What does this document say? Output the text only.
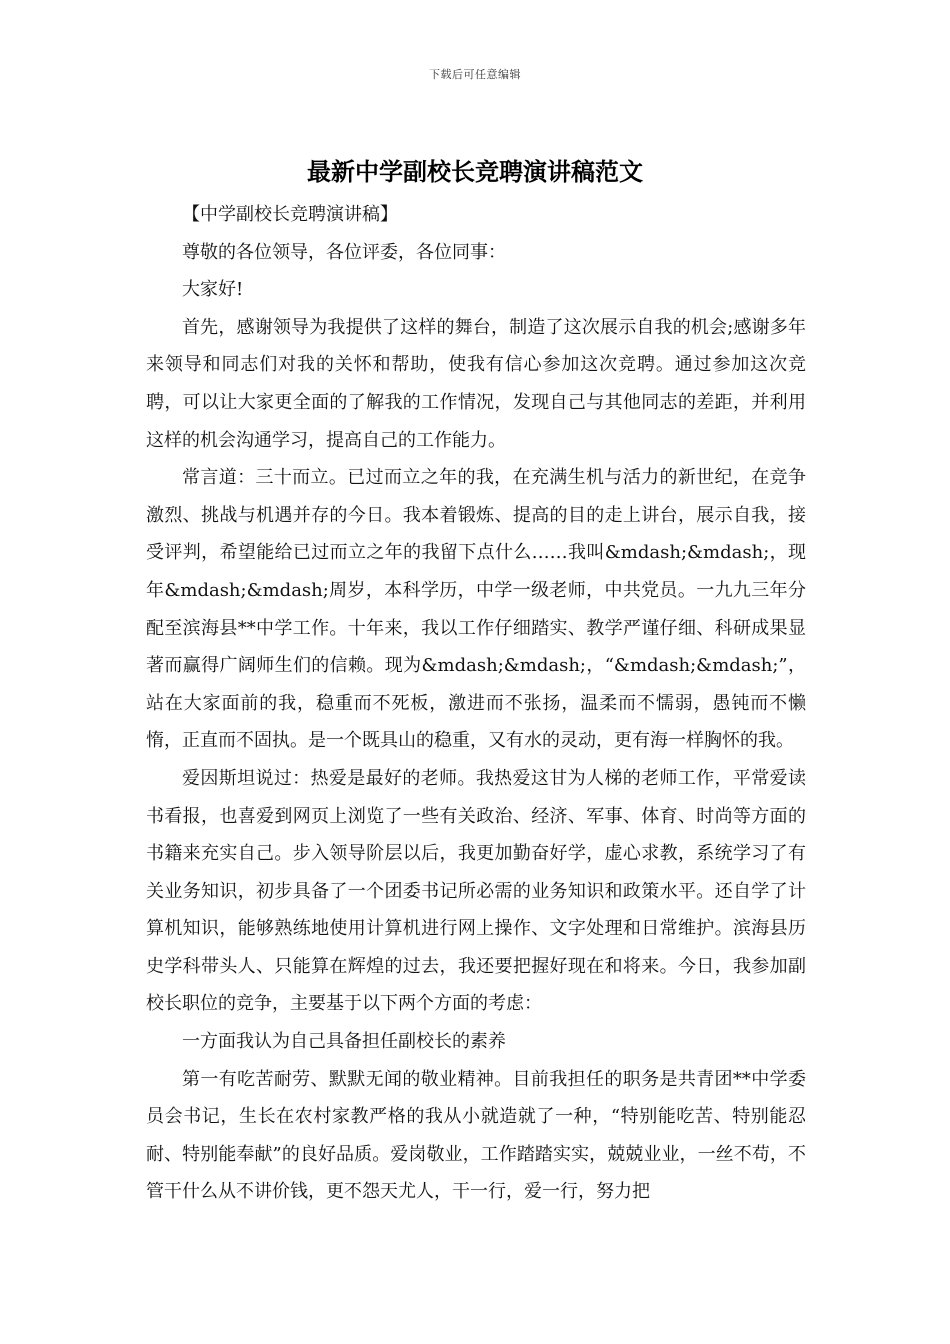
下载后可任意编辑
最新中学副校长竞聘演讲稿范文

【中学副校长竞聘演讲稿】

尊敬的各位领导，各位评委，各位同事：

大家好!

首先，感谢领导为我提供了这样的舞台，制造了这次展示自我的机会;感谢多年来领导和同志们对我的关怀和帮助，使我有信心参加这次竞聘。通过参加这次竞聘，可以让大家更全面的了解我的工作情况，发现自己与其他同志的差距，并利用这样的机会沟通学习，提高自己的工作能力。

常言道：三十而立。已过而立之年的我，在充满生机与活力的新世纪，在竞争激烈、挑战与机遇并存的今日。我本着锻炼、提高的目的走上讲台，展示自我，接受评判，希望能给已过而立之年的我留下点什么……我叫&mdash;&mdash;，现年&mdash;&mdash;周岁，本科学历，中学一级老师，中共党员。一九九三年分配至滨海县**中学工作。十年来，我以工作仔细踏实、教学严谨仔细、科研成果显著而赢得广阔师生们的信赖。现为&mdash;&mdash;，“&mdash;&mdash;”，站在大家面前的我，稳重而不死板，激进而不张扬，温柔而不懦弱，愚钝而不懒惰，正直而不固执。是一个既具山的稳重，又有水的灵动，更有海一样胸怀的我。

爱因斯坦说过：热爱是最好的老师。我热爱这甘为人梯的老师工作，平常爱读书看报，也喜爱到网页上浏览了一些有关政治、经济、军事、体育、时尚等方面的书籍来充实自己。步入领导阶层以后，我更加勤奋好学，虚心求教，系统学习了有关业务知识，初步具备了一个团委书记所必需的业务知识和政策水平。还自学了计算机知识，能够熟练地使用计算机进行网上操作、文字处理和日常维护。滨海县历史学科带头人、只能算在辉煌的过去，我还要把握好现在和将来。今日，我参加副校长职位的竞争，主要基于以下两个方面的考虑：

一方面我认为自己具备担任副校长的素养

第一有吃苦耐劳、默默无闻的敬业精神。目前我担任的职务是共青团**中学委员会书记，生长在农村家教严格的我从小就造就了一种，“特别能吃苦、特别能忍耐、特别能奉献”的良好品质。爱岗敬业，工作踏踏实实，兢兢业业，一丝不苟，不管干什么从不讲价钱，更不怨天尤人，干一行，爱一行，努力把
